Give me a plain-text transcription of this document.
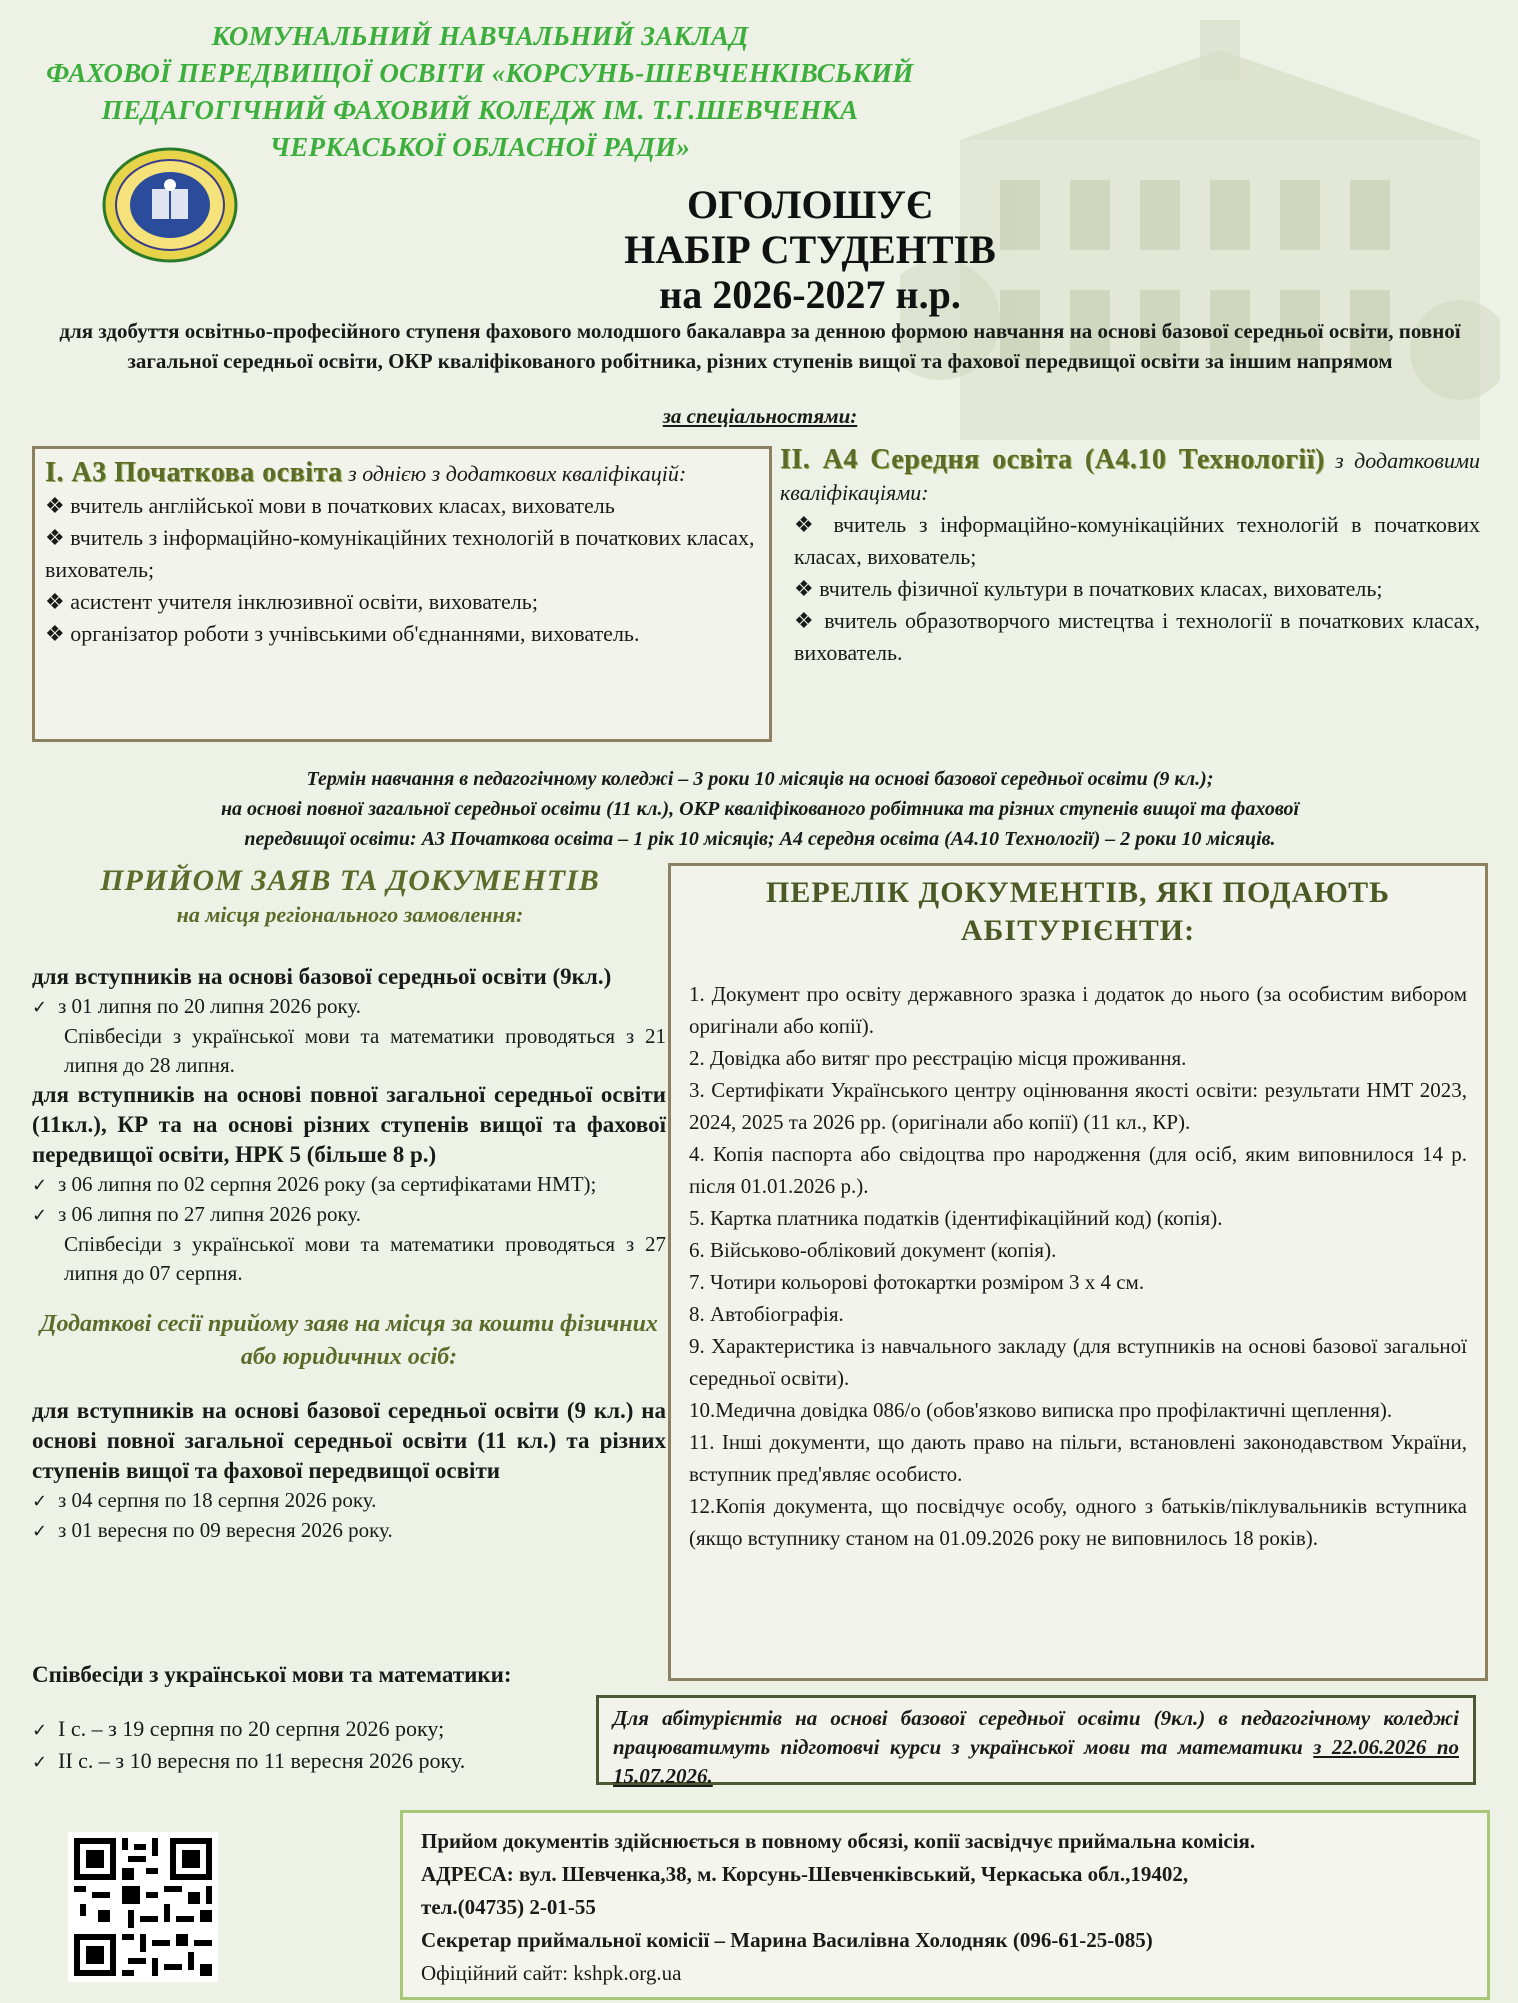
КОМУНАЛЬНИЙ НАВЧАЛЬНИЙ ЗАКЛАД
ФАХОВОЇ ПЕРЕДВИЩОЇ ОСВІТИ «КОРСУНЬ-ШЕВЧЕНКІВСЬКИЙ
ПЕДАГОГІЧНИЙ ФАХОВИЙ КОЛЕДЖ ІМ. Т.Г.ШЕВЧЕНКА
ЧЕРКАСЬКОЇ ОБЛАСНОЇ РАДИ»
ОГОЛОШУЄ
НАБІР СТУДЕНТІВ
на 2026-2027 н.р.
для здобуття освітньо-професійного ступеня фахового молодшого бакалавра за денною формою навчання на основі базової середньої освіти, повної загальної середньої освіти, ОКР кваліфікованого робітника, різних ступенів вищої та фахової передвищої освіти за іншим напрямом
за спеціальностями:
І. А3 Початкова освіта з однією з додаткових кваліфікацій:
❖ вчитель англійської мови в початкових класах, вихователь
❖ вчитель з інформаційно-комунікаційних технологій в початкових класах, вихователь;
❖ асистент учителя інклюзивної освіти, вихователь;
❖ організатор роботи з учнівськими об'єднаннями, вихователь.
ІІ. А4 Середня освіта (А4.10 Технології) з додатковими кваліфікаціями:
❖ вчитель з інформаційно-комунікаційних технологій в початкових класах, вихователь;
❖ вчитель фізичної культури в початкових класах, вихователь;
❖ вчитель образотворчого мистецтва і технології в початкових класах, вихователь.
Термін навчання в педагогічному коледжі – 3 роки 10 місяців на основі базової середньої освіти (9 кл.);
на основі повної загальної середньої освіти (11 кл.), ОКР кваліфікованого робітника та різних ступенів вищої та фахової
передвищої освіти: А3 Початкова освіта – 1 рік 10 місяців; А4 середня освіта (А4.10 Технології) – 2 роки 10 місяців.
ПРИЙОМ ЗАЯВ ТА ДОКУМЕНТІВ
на місця регіонального замовлення:
для вступників на основі базової середньої освіти (9кл.)
✓ з 01 липня по 20 липня 2026 року.
Співбесіди з української мови та математики проводяться з 21 липня до 28 липня.
для вступників на основі повної загальної середньої освіти (11кл.), КР та на основі різних ступенів вищої та фахової передвищої освіти, НРК 5 (більше 8 р.)
✓ з 06 липня по 02 серпня 2026 року (за сертифікатами НМТ);
✓ з 06 липня по 27 липня 2026 року.
Співбесіди з української мови та математики проводяться з 27 липня до 07 серпня.
Додаткові сесії прийому заяв на місця за кошти фізичних або юридичних осіб:
для вступників на основі базової середньої освіти (9 кл.) на основі повної загальної середньої освіти (11 кл.) та різних ступенів вищої та фахової передвищої освіти
✓ з 04 серпня по 18 серпня 2026 року.
✓ з 01 вересня по 09 вересня 2026 року.
Співбесіди з української мови та математики:
✓ І с. – з 19 серпня по 20 серпня 2026 року;
✓ ІІ с. – з 10 вересня по 11 вересня 2026 року.
ПЕРЕЛІК ДОКУМЕНТІВ, ЯКІ ПОДАЮТЬ
АБІТУРІЄНТИ:
1. Документ про освіту державного зразка і додаток до нього (за особистим вибором оригінали або копії).
2. Довідка або витяг про реєстрацію місця проживання.
3. Сертифікати Українського центру оцінювання якості освіти: результати НМТ 2023, 2024, 2025 та 2026 рр. (оригінали або копії) (11 кл., КР).
4. Копія паспорта або свідоцтва про народження (для осіб, яким виповнилося 14 р. після 01.01.2026 р.).
5. Картка платника податків (ідентифікаційний код) (копія).
6. Військово-обліковий документ (копія).
7. Чотири кольорові фотокартки розміром 3 х 4 см.
8. Автобіографія.
9. Характеристика із навчального закладу (для вступників на основі базової загальної середньої освіти).
10.Медична довідка 086/о (обов'язково виписка про профілактичні щеплення).
11. Інші документи, що дають право на пільги, встановлені законодавством України, вступник пред'являє особисто.
12.Копія документа, що посвідчує особу, одного з батьків/піклувальників вступника (якщо вступнику станом на 01.09.2026 року не виповнилось 18 років).
Для абітурієнтів на основі базової середньої освіти (9кл.) в педагогічному коледжі працюватимуть підготовчі курси з української мови та математики з 22.06.2026 по 15.07.2026.
Прийом документів здійснюється в повному обсязі, копії засвідчує приймальна комісія.
АДРЕСА: вул. Шевченка,38, м. Корсунь-Шевченківський, Черкаська обл.,19402,
тел.(04735) 2-01-55
Секретар приймальної комісії – Марина Василівна Холодняк (096-61-25-085)
Офіційний сайт: kshpk.org.ua
